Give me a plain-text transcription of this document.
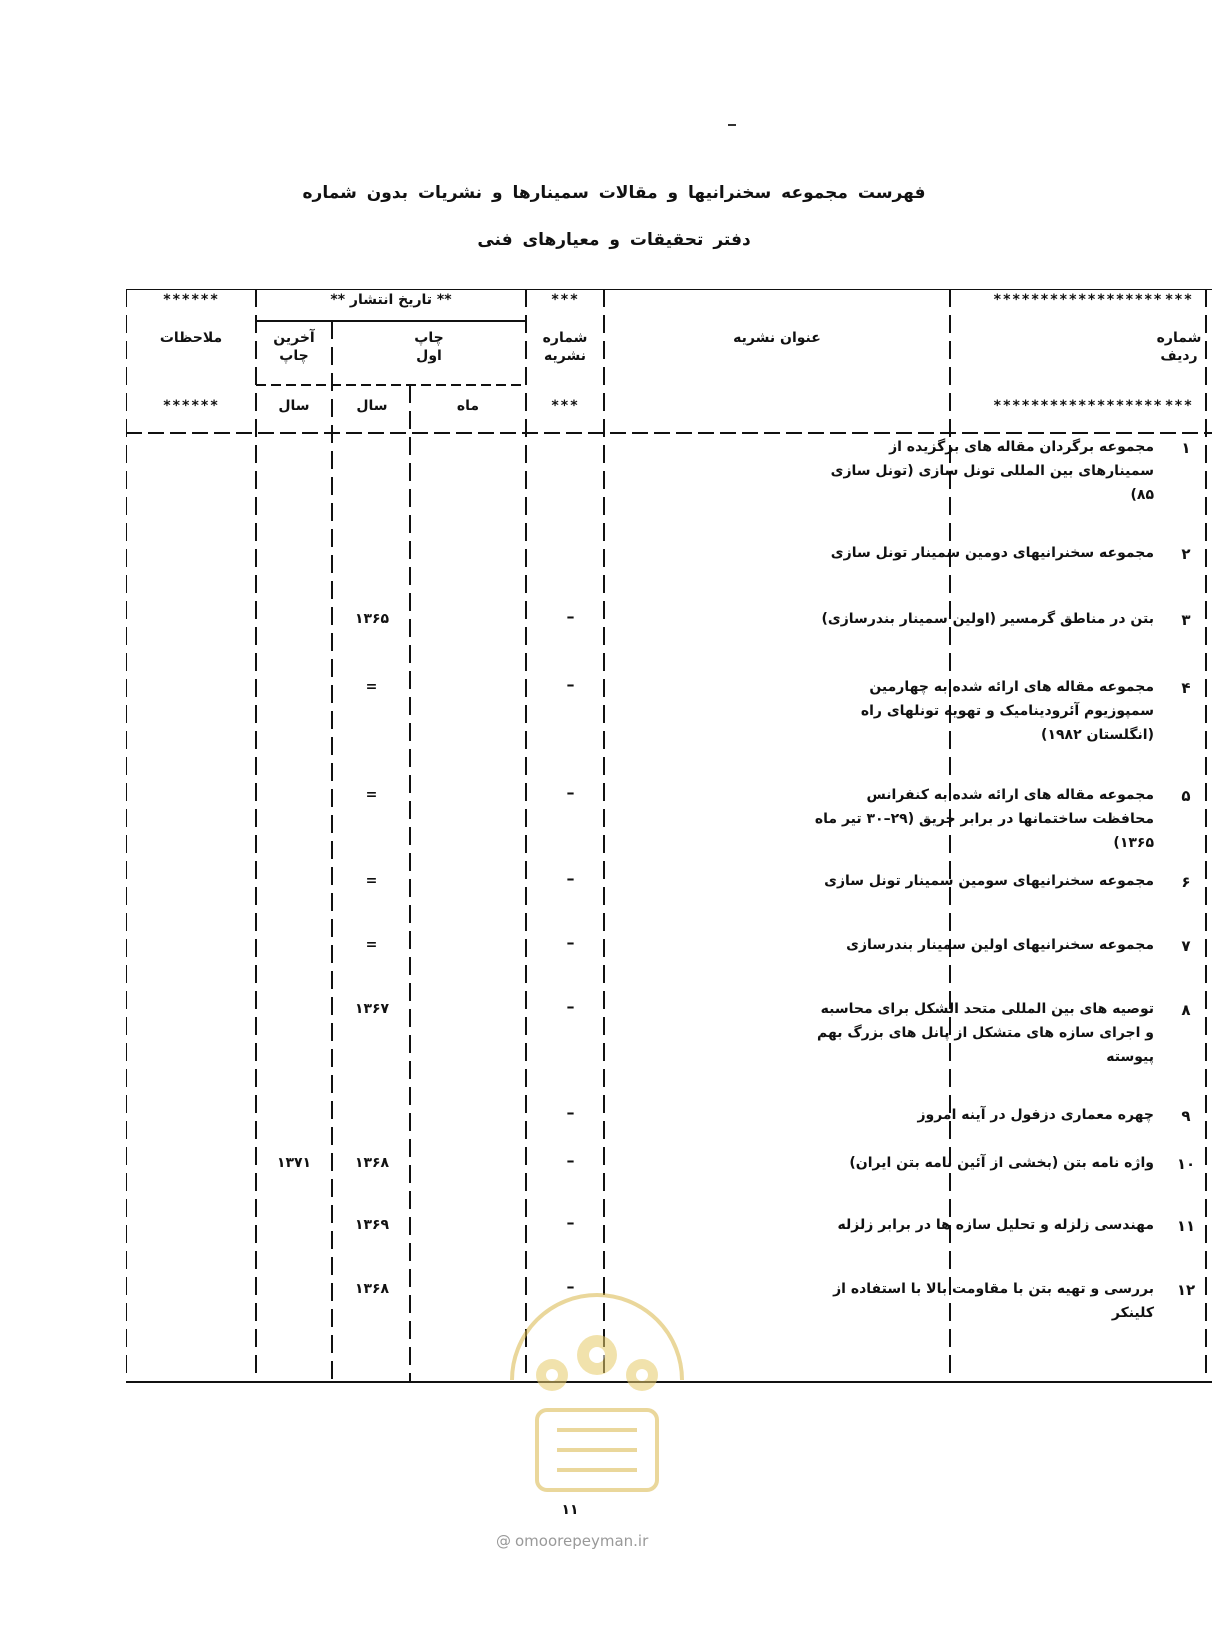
فهرست مجموعه سخنرانیها و مقالات سمینارها و نشریات بدون شماره
دفتر تحقیقات و معیارهای فنی
****************** ***
***
** تاریخ انتشار **
******
شماره
ردیف
عنوان نشریه
شماره
نشریه
چاپ
اول
آخرین
چاپ
ملاحظات
***
******************
***
ماه
سال
سال
******
۱
مجموعه برگردان مقاله های برگزیده از سمینارهای بین المللی تونل سازی (تونل سازی ۸۵)
۲
مجموعه سخنرانیهای دومین سمینار تونل سازی
۳
بتن در مناطق گرمسیر (اولین سمینار بندرسازی)
–
۱۳۶۵
۴
مجموعه مقاله های ارائه شده به چهارمین سمپوزیوم آئرودینامیک و تهویه تونلهای راه (انگلستان ۱۹۸۲)
–
=
۵
مجموعه مقاله های ارائه شده به کنفرانس محافظت ساختمانها در برابر حریق (۲۹–۳۰ تیر ماه ۱۳۶۵)
–
=
۶
مجموعه سخنرانیهای سومین سمینار تونل سازی
–
=
۷
مجموعه سخنرانیهای اولین سمینار بندرسازی
–
=
۸
توصیه های بین المللی متحد الشکل برای محاسبه و اجرای سازه های متشکل از پانل های بزرگ بهم پیوسته
–
۱۳۶۷
۹
چهره معماری دزفول در آینه امروز
–
۱۰
واژه نامه بتن (بخشی از آئین نامه بتن ایران)
–
۱۳۶۸
۱۳۷۱
۱۱
مهندسی زلزله و تحلیل سازه ها در برابر زلزله
–
۱۳۶۹
۱۲
بررسی و تهیه بتن با مقاومت بالا با استفاده از کلینکر
–
۱۳۶۸
۱۱
@ omoorepeyman.ir
